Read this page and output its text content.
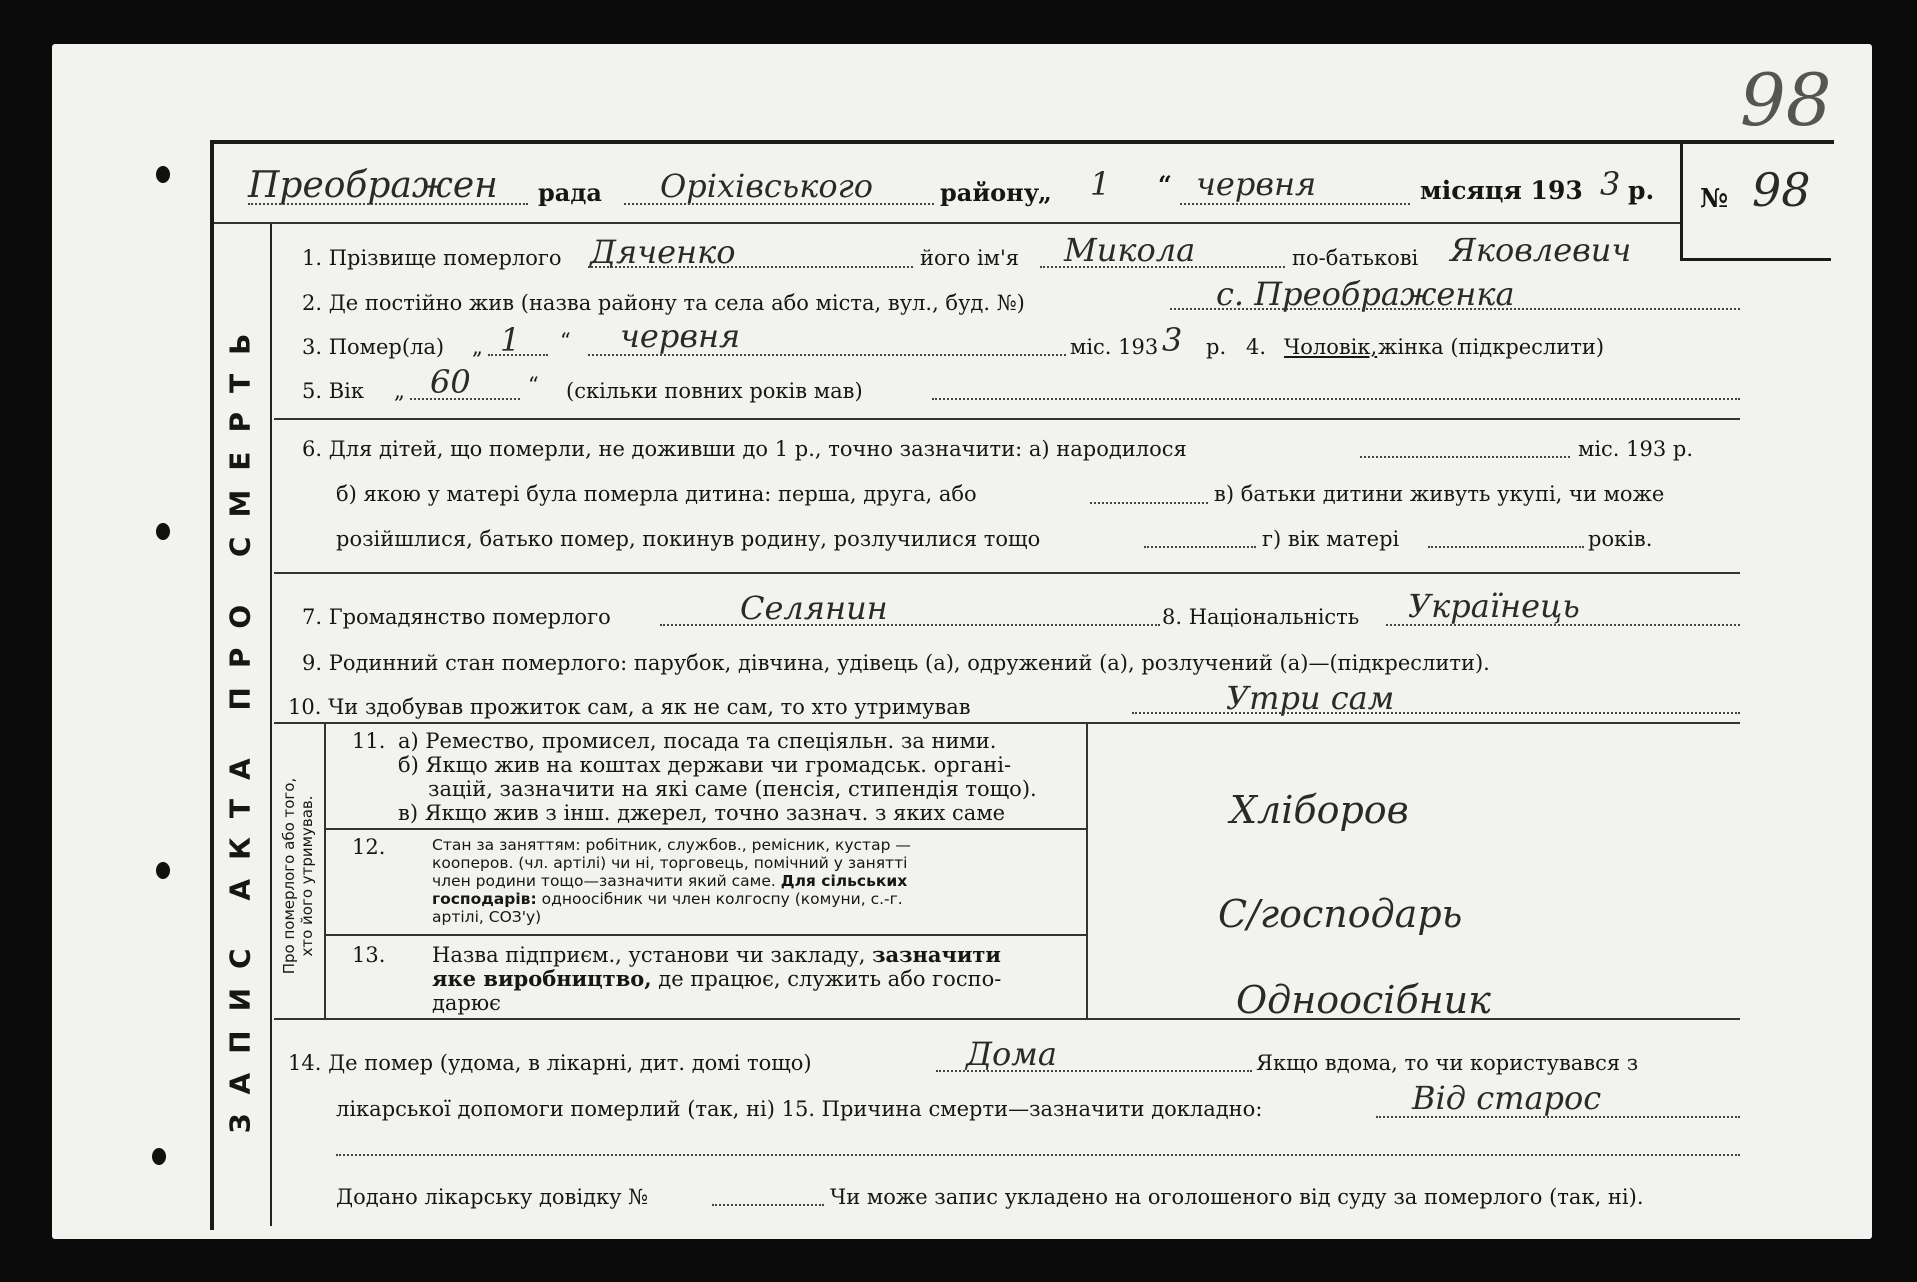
ЗАПИС АКТА ПРО СМЕРТЬ
№ 98
98
Преображен рада Оріхівського	району
„ 1 “ червня	місяця 193 3 р.
1. Прізвище померлого Дяченко	його ім'я Микола	по-батькові Яковлевич
2. Де постійно жив (назва району та села або міста, вул., буд. №)	с. Преображенка
3. Помер(ла) „ 1 “ червня	міс. 193 3 р. 4. Чоловік, жінка (підкреслити)
5. Вік „ 60	“ (скільки повних років мав)
6. Для дітей, що померли, не доживши до 1 р., точно зазначити: а) народилося	міс. 193 р.
б) якою у матері була померла дитина: перша, друга, або	в) батьки дитини живуть укупі, чи може
розійшлися, батько помер, покинув родину, розлучилися тощо	г) вік матері	років.
7. Громадянство померлого	Селянин	8. Національність Українець
9. Родинний стан померлого: парубок, дівчина, удівець (а), одружений (а), розлучений (а)—(підкреслити).
10. Чи здобував прожиток сам, а як не сам, то хто утримував	Утри сам
Про померлого або того, хто його утримував.
11. а) Ремество, промисел, посада та спеціяльн. за ними.
б) Якщо жив на коштах держави чи громадськ. органі-
зацій, зазначити на які саме (пенсія, стипендія тощо).
в) Якщо жив з інш. джерел, точно зазнач. з яких саме	Хліборов
12.	Стан за заняттям: робітник, службов., ремісник, кустар —
кооперов. (чл. артілі) чи ні, торговець, помічний у занятті
член родини тощо—зазначити який саме. Для сільських
господарів: одноосібник чи член колгоспу (комуни, с.-г.
артілі, СОЗ'у)	С/господарь
13. Назва підприєм., установи чи закладу, зазначити
яке виробництво, де працює, служить або госпо-
дарює	Одноосібник
14. Де помер (удома, в лікарні, дит. домі тощо)	Дома	Якщо вдома, то чи користувався з
лікарської допомоги померлий (так, ні) 15. Причина смерти—зазначити докладно:	Від старос
Додано лікарську довідку №	Чи може запис укладено на оголошеного від суду за померлого (так, ні).
